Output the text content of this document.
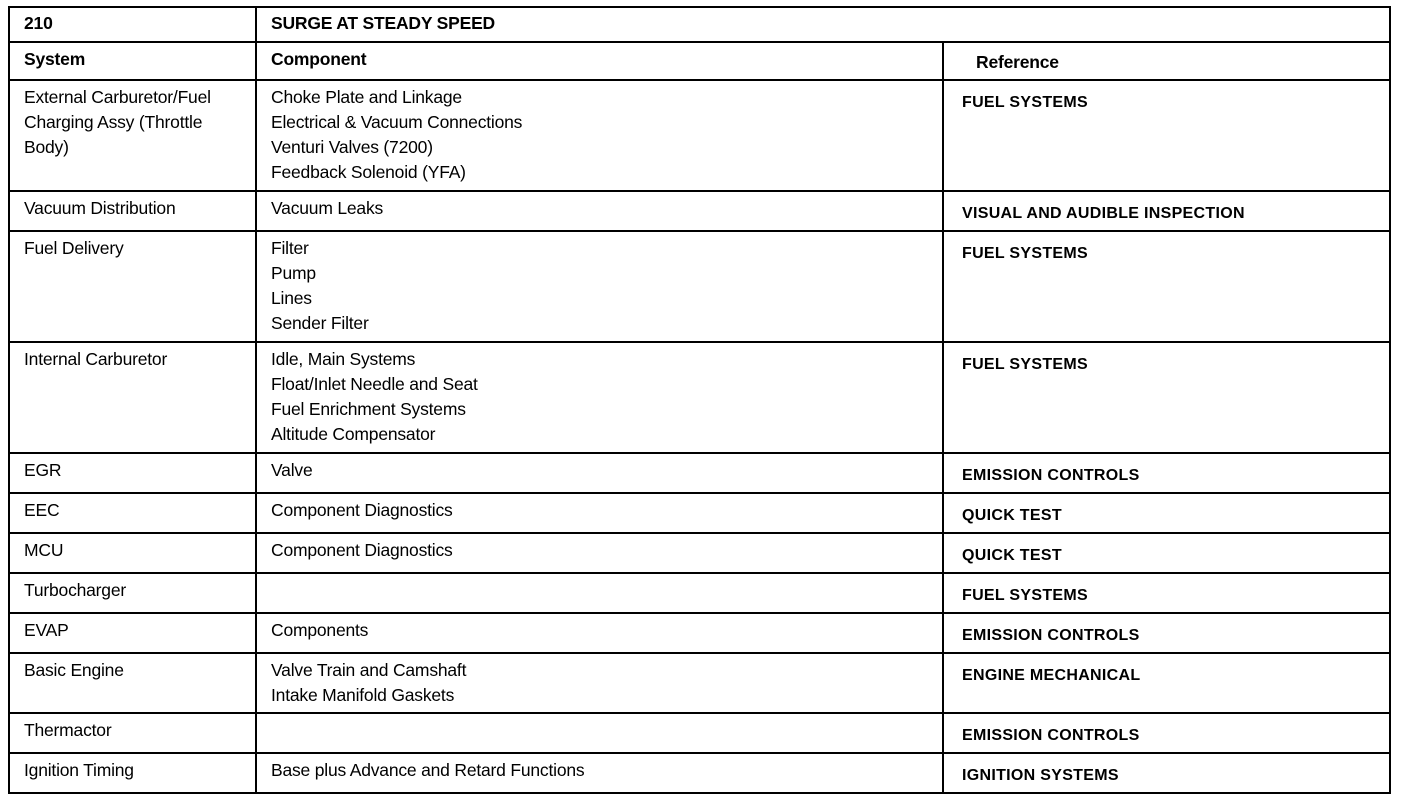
210	SURGE AT STEADY SPEED	
System	Component	Reference
External Carburetor/Fuel Charging Assy (Throttle Body)	Choke Plate and Linkage
Electrical & Vacuum Connections
Venturi Valves (7200)
Feedback Solenoid (YFA)	FUEL SYSTEMS
Vacuum Distribution	Vacuum Leaks	VISUAL AND AUDIBLE INSPECTION
Fuel Delivery	Filter
Pump
Lines
Sender Filter	FUEL SYSTEMS
Internal Carburetor	Idle, Main Systems
Float/Inlet Needle and Seat
Fuel Enrichment Systems
Altitude Compensator	FUEL SYSTEMS
EGR	Valve	EMISSION CONTROLS
EEC	Component Diagnostics	QUICK TEST
MCU	Component Diagnostics	QUICK TEST
Turbocharger		FUEL SYSTEMS
EVAP	Components	EMISSION CONTROLS
Basic Engine	Valve Train and Camshaft
Intake Manifold Gaskets	ENGINE MECHANICAL
Thermactor		EMISSION CONTROLS
Ignition Timing	Base plus Advance and Retard Functions	IGNITION SYSTEMS
